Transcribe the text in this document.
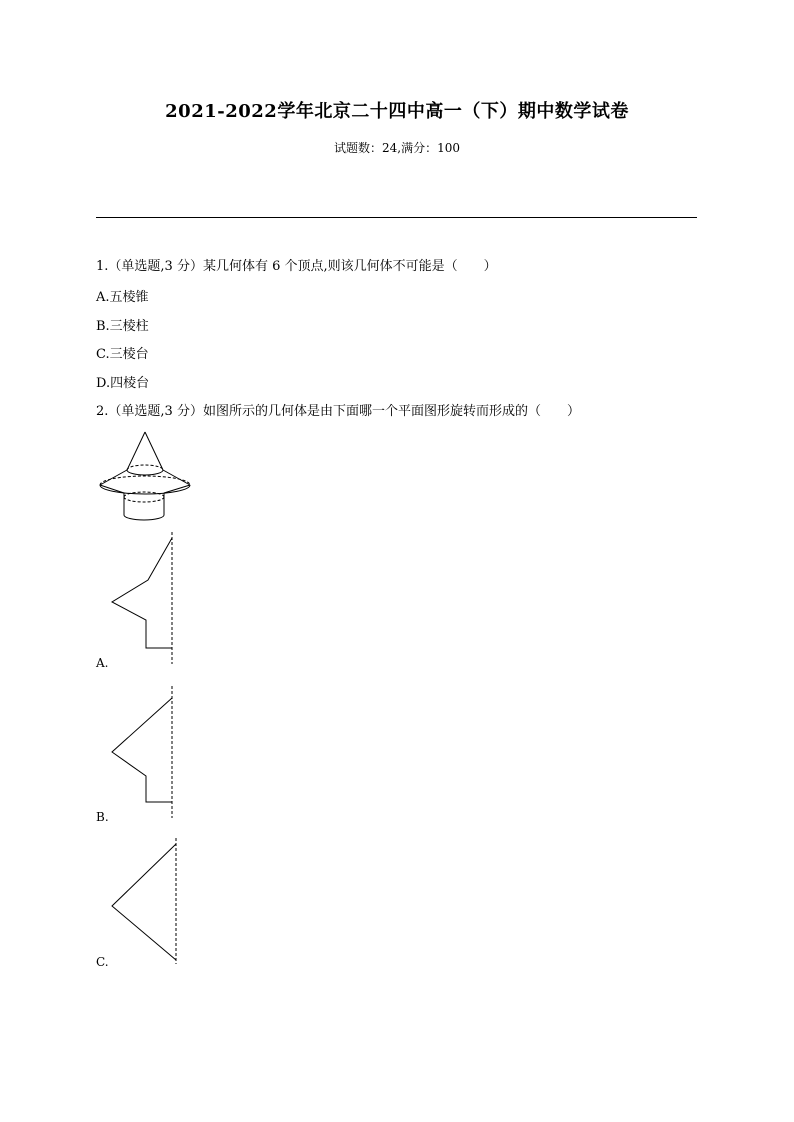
2021-2022学年北京二十四中高一（下）期中数学试卷
试题数：24,满分：100
1.（单选题,3 分）某几何体有 6 个顶点,则该几何体不可能是（　　）
A.五棱锥
B.三棱柱
C.三棱台
D.四棱台
2.（单选题,3 分）如图所示的几何体是由下面哪一个平面图形旋转而形成的（　　）
A.
B.
C.
